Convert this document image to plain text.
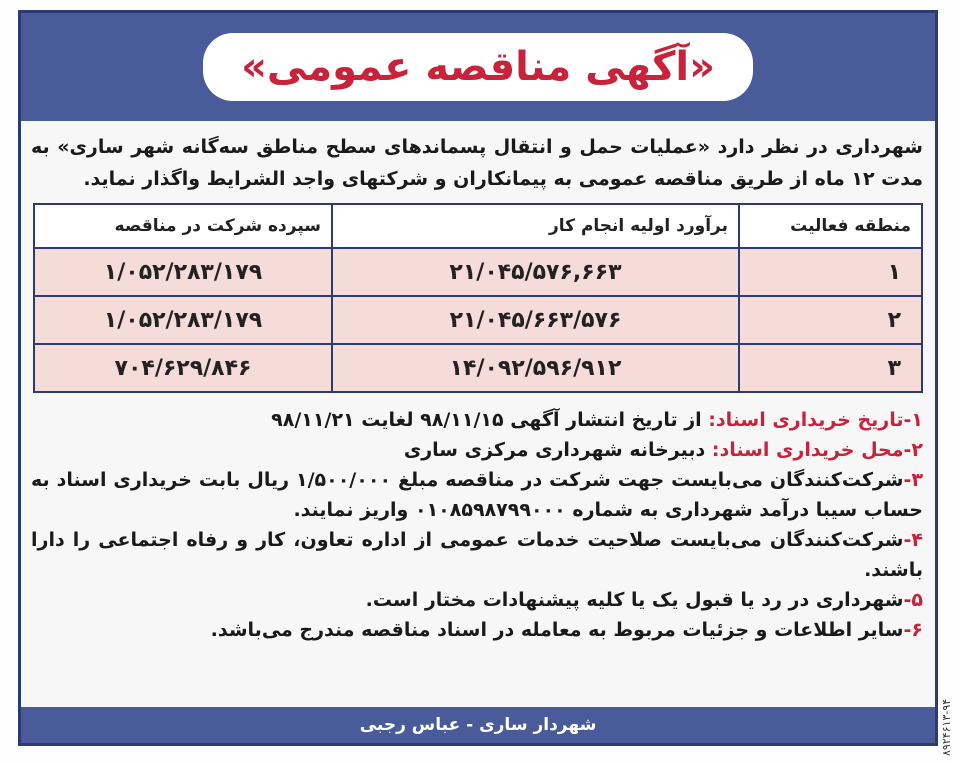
«آگهی مناقصه عمومی»
شهرداری در نظر دارد «عملیات حمل و انتقال پسماندهای سطح مناطق سه‌گانه شهر ساری» به مدت ۱۲ ماه از طریق مناقصه عمومی به پیمانکاران و شرکتهای واجد الشرایط واگذار نماید.
منطقه فعالیت	برآورد اولیه انجام کار	سپرده شرکت در مناقصه
۱	۲۱/۰۴۵/۵۷۶,۶۶۳	۱/۰۵۲/۲۸۳/۱۷۹
۲	۲۱/۰۴۵/۶۶۳/۵۷۶	۱/۰۵۲/۲۸۳/۱۷۹
۳	۱۴/۰۹۲/۵۹۶/۹۱۲	۷۰۴/۶۲۹/۸۴۶

۱-تاریخ خریداری اسناد: از تاریخ انتشار آگهی ۹۸/۱۱/۱۵ لغایت ۹۸/۱۱/۲۱

۲-محل خریداری اسناد: دبیرخانه شهرداری مرکزی ساری

۳-شرکت‌کنندگان می‌بایست جهت شرکت در مناقصه مبلغ ۱/۵۰۰/۰۰۰ ریال بابت خریداری اسناد به حساب سیبا درآمد شهرداری به شماره ۰۱۰۸۵۹۸۷۹۹۰۰۰ واریز نمایند.

۴-شرکت‌کنندگان می‌بایست صلاحیت خدمات عمومی از اداره تعاون، کار و رفاه اجتماعی را دارا باشند.

۵-شهرداری در رد یا قبول یک یا کلیه پیشنهادات مختار است.

۶-سایر اطلاعات و جزئیات مربوط به معامله در اسناد مناقصه مندرج می‌باشد.

شهردار ساری - عباس رجبی	۸۹۲۴۶۱۳-۹۴
